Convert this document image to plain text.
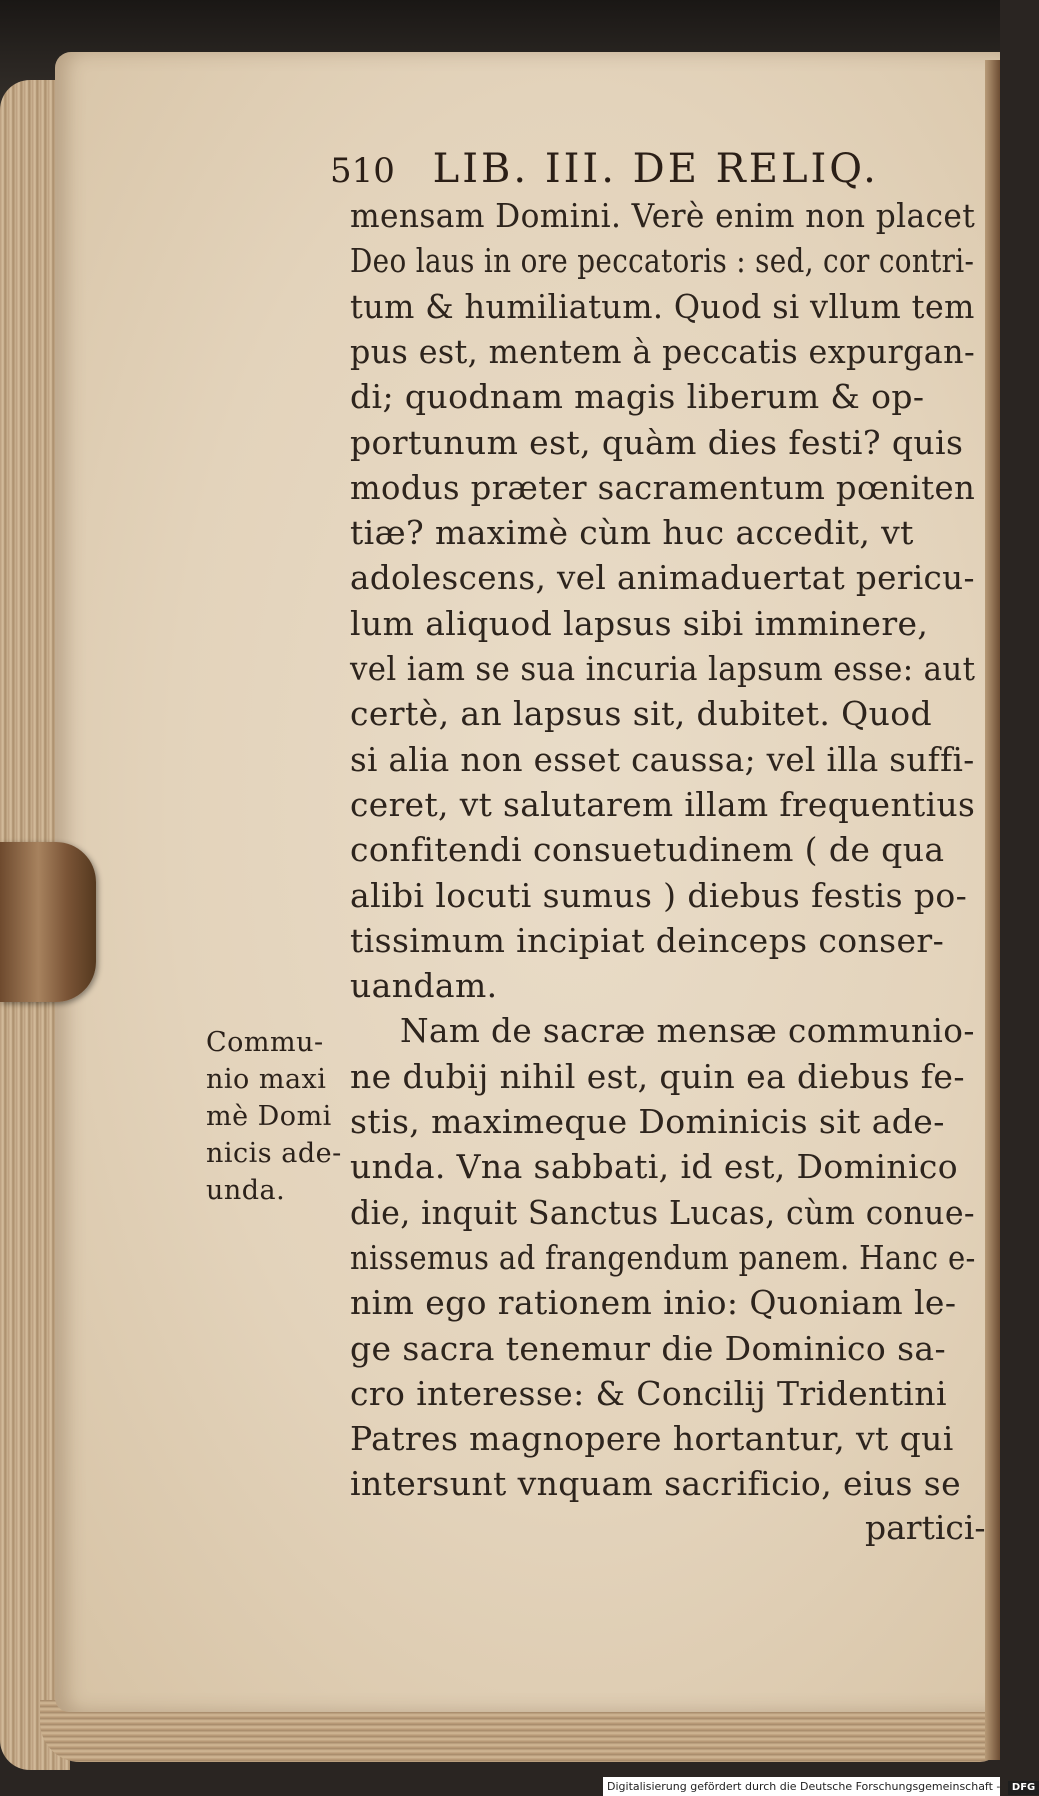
510 LIB. III. DE RELIQ.
mensam Domini. Verè enim non placet
Deo laus in ore peccatoris : sed, cor contri-
tum & humiliatum. Quod si vllum tem
pus est, mentem à peccatis expurgan-
di; quodnam magis liberum & op-
portunum est, quàm dies festi? quis
modus præter sacramentum pœniten
tiæ? maximè cùm huc accedit, vt
adolescens, vel animaduertat pericu-
lum aliquod lapsus sibi imminere,
vel iam se sua incuria lapsum esse: aut
certè, an lapsus sit, dubitet. Quod
si alia non esset caussa; vel illa suffi-
ceret, vt salutarem illam frequentius
confitendi consuetudinem ( de qua
alibi locuti sumus ) diebus festis po-
tissimum incipiat deinceps conser-
uandam.
Nam de sacræ mensæ communio-
ne dubij nihil est, quin ea diebus fe-
stis, maximeque Dominicis sit ade-
unda. Vna sabbati, id est, Dominico
die, inquit Sanctus Lucas, cùm conue-
nissemus ad frangendum panem. Hanc e-
nim ego rationem inio: Quoniam le-
ge sacra tenemur die Dominico sa-
cro interesse: & Concilij Tridentini
Patres magnopere hortantur, vt qui
intersunt vnquam sacrificio, eius se
partici-
Commu-
nio maxi
mè Domi
nicis ade-
unda.
Digitalisierung gefördert durch die Deutsche Forschungsgemeinschaft - DFG
